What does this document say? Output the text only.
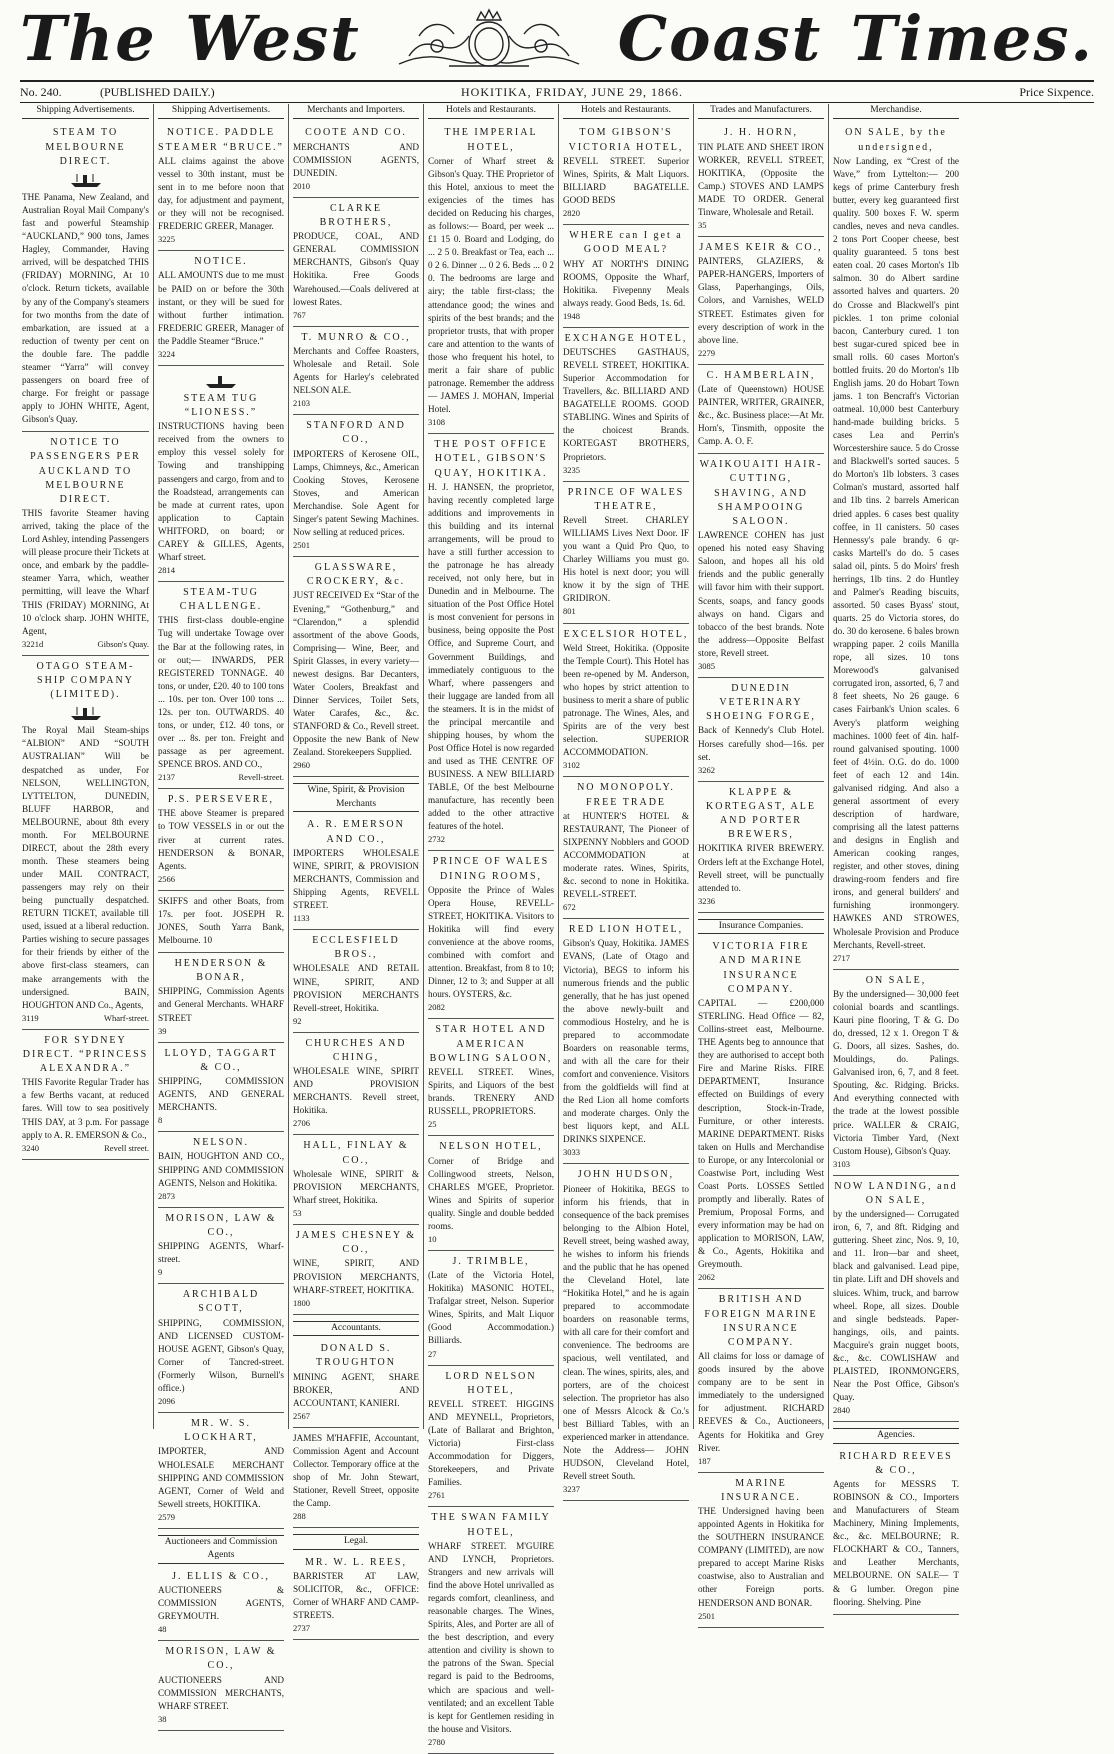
The West	Coast Times.
No. 240.	(PUBLISHED DAILY.)	HOKITIKA, FRIDAY, JUNE 29, 1866.	Price Sixpence.
Shipping Advertisements.
STEAM TO MELBOURNE DIRECT.
THE Panama, New Zealand, and Australian Royal Mail Company's fast and powerful Steamship “AUCKLAND,” 900 tons, James Hagley, Commander, Having arrived, will be despatched THIS (FRIDAY) MORNING, At 10 o'clock. Return tickets, available by any of the Company's steamers for two months from the date of embarkation, are issued at a reduction of twenty per cent on the double fare. The paddle steamer “Yarra” will convey passengers on board free of charge. For freight or passage apply to JOHN WHITE, Agent, Gibson's Quay.
NOTICE TO PASSENGERS PER AUCKLAND TO MELBOURNE DIRECT.
THIS favorite Steamer having arrived, taking the place of the Lord Ashley, intending Passengers will please procure their Tickets at once, and embark by the paddle-steamer Yarra, which, weather permitting, will leave the Wharf THIS (FRIDAY) MORNING, At 10 o'clock sharp. JOHN WHITE, Agent,
3221d	Gibson's Quay.
OTAGO STEAM-SHIP COMPANY (LIMITED).
The Royal Mail Steam-ships “ALBION” AND “SOUTH AUSTRALIAN” Will be despatched as under, For NELSON, WELLINGTON, LYTTELTON, DUNEDIN, BLUFF HARBOR, and MELBOURNE, about 8th every month. For MELBOURNE DIRECT, about the 28th every month. These steamers being under MAIL CONTRACT, passengers may rely on their being punctually despatched. RETURN TICKET, available till used, issued at a liberal reduction. Parties wishing to secure passages for their friends by either of the above first-class steamers, can make arrangements with the undersigned. BAIN, HOUGHTON AND Co., Agents,
3119	Wharf-street.
FOR SYDNEY DIRECT. “PRINCESS ALEXANDRA.”
THIS Favorite Regular Trader has a few Berths vacant, at reduced fares. Will tow to sea positively THIS DAY, at 3 p.m. For passage apply to A. R. EMERSON & Co.,
3240	Revell street.
Shipping Advertisements.
NOTICE. PADDLE STEAMER “BRUCE.”
ALL claims against the above vessel to 30th instant, must be sent in to me before noon that day, for adjustment and payment, or they will not be recognised. FREDERIC GREER, Manager.
3225
NOTICE.
ALL AMOUNTS due to me must be PAID on or before the 30th instant, or they will be sued for without further intimation. FREDERIC GREER, Manager of the Paddle Steamer “Bruce.”
3224
STEAM TUG “LIONESS.”
INSTRUCTIONS having been received from the owners to employ this vessel solely for Towing and transhipping passengers and cargo, from and to the Roadstead, arrangements can be made at current rates, upon application to Captain WHITFORD, on board; or CAREY & GILLES, Agents, Wharf street.
2814
STEAM-TUG CHALLENGE.
THIS first-class double-engine Tug will undertake Towage over the Bar at the following rates, in or out;— INWARDS, PER REGISTERED TONNAGE. 40 tons, or under, £20. 40 to 100 tons ... 10s. per ton. Over 100 tons ... 12s. per ton. OUTWARDS. 40 tons, or under, £12. 40 tons, or over ... 8s. per ton. Freight and passage as per agreement. SPENCE BROS. AND CO.,
2137	Revell-street.
P.S. PERSEVERE,
THE above Steamer is prepared to TOW VESSELS in or out the river at current rates. HENDERSON & BONAR, Agents.
2566
SKIFFS and other Boats, from 17s. per foot. JOSEPH R. JONES, South Yarra Bank, Melbourne. 10
HENDERSON & BONAR,
SHIPPING, Commission Agents and General Merchants. WHARF STREET
39
LLOYD, TAGGART & CO.,
SHIPPING, COMMISSION AGENTS, AND GENERAL MERCHANTS.
8
NELSON.
BAIN, HOUGHTON AND CO., SHIPPING AND COMMISSION AGENTS, Nelson and Hokitika.
2873
MORISON, LAW & CO.,
SHIPPING AGENTS, Wharf-street.
9
ARCHIBALD SCOTT,
SHIPPING, COMMISSION, AND LICENSED CUSTOM-HOUSE AGENT, Gibson's Quay, Corner of Tancred-street. (Formerly Wilson, Burnell's office.)
2096
MR. W. S. LOCKHART,
IMPORTER, AND WHOLESALE MERCHANT SHIPPING AND COMMISSION AGENT, Corner of Weld and Sewell streets, HOKITIKA.
2579
Auctioneers and Commission Agents
J. ELLIS & CO.,
AUCTIONEERS & COMMISSION AGENTS, GREYMOUTH.
48
MORISON, LAW & CO.,
AUCTIONEERS AND COMMISSION MERCHANTS, WHARF STREET.
38
Merchants and Importers.
COOTE AND CO.
MERCHANTS AND COMMISSION AGENTS, DUNEDIN.
2010
CLARKE BROTHERS,
PRODUCE, COAL, AND GENERAL COMMISSION MERCHANTS, Gibson's Quay Hokitika. Free Goods Warehoused.—Coals delivered at lowest Rates.
767
T. MUNRO & CO.,
Merchants and Coffee Roasters, Wholesale and Retail. Sole Agents for Harley's celebrated NELSON ALE.
2103
STANFORD AND CO.,
IMPORTERS of Kerosene OIL, Lamps, Chimneys, &c., American Cooking Stoves, Kerosene Stoves, and American Merchandise. Sole Agent for Singer's patent Sewing Machines. Now selling at reduced prices.
2501
GLASSWARE, CROCKERY, &c.
JUST RECEIVED Ex “Star of the Evening,” “Gothenburg,” and “Clarendon,” a splendid assortment of the above Goods, Comprising— Wine, Beer, and Spirit Glasses, in every variety—newest designs. Bar Decanters, Water Coolers, Breakfast and Dinner Services, Toilet Sets, Water Carafes, &c., &c. STANFORD & Co., Revell street. Opposite the new Bank of New Zealand. Storekeepers Supplied.
2960
Wine, Spirit, & Provision Merchants
A. R. EMERSON AND CO.,
IMPORTERS WHOLESALE WINE, SPIRIT, & PROVISION MERCHANTS, Commission and Shipping Agents, REVELL STREET.
1133
ECCLESFIELD BROS.,
WHOLESALE AND RETAIL WINE, SPIRIT, AND PROVISION MERCHANTS Revell-street, Hokitika.
92
CHURCHES AND CHING,
WHOLESALE WINE, SPIRIT AND PROVISION MERCHANTS. Revell street, Hokitika.
2706
HALL, FINLAY & CO.,
Wholesale WINE, SPIRIT & PROVISION MERCHANTS, Wharf street, Hokitika.
53
JAMES CHESNEY & CO.,
WINE, SPIRIT, AND PROVISION MERCHANTS, WHARF-STREET, HOKITIKA.
1800
Accountants.
DONALD S. TROUGHTON
MINING AGENT, SHARE BROKER, AND ACCOUNTANT, KANIERI.
2567
JAMES M'HAFFIE, Accountant, Commission Agent and Account Collector. Temporary office at the shop of Mr. John Stewart, Stationer, Revell Street, opposite the Camp.
288
Legal.
MR. W. L. REES,
BARRISTER AT LAW, SOLICITOR, &c., OFFICE: Corner of WHARF AND CAMP-STREETS.
2737
Hotels and Restaurants.
THE IMPERIAL HOTEL,
Corner of Wharf street & Gibson's Quay. THE Proprietor of this Hotel, anxious to meet the exigencies of the times has decided on Reducing his charges, as follows:— Board, per week ... £1 15 0. Board and Lodging, do ... 2 5 0. Breakfast or Tea, each ... 0 2 6. Dinner ... 0 2 6. Beds ... 0 2 0. The bedrooms are large and airy; the table first-class; the attendance good; the wines and spirits of the best brands; and the proprietor trusts, that with proper care and attention to the wants of those who frequent his hotel, to merit a fair share of public patronage. Remember the address— JAMES J. MOHAN, Imperial Hotel.
3108
THE POST OFFICE HOTEL, GIBSON'S QUAY, HOKITIKA.
H. J. HANSEN, the proprietor, having recently completed large additions and improvements in this building and its internal arrangements, will be proud to have a still further accession to the patronage he has already received, not only here, but in Dunedin and in Melbourne. The situation of the Post Office Hotel is most convenient for persons in business, being opposite the Post Office, and Supreme Court, and Government Buildings, and immediately contiguous to the Wharf, where passengers and their luggage are landed from all the steamers. It is in the midst of the principal mercantile and shipping houses, by whom the Post Office Hotel is now regarded and used as THE CENTRE OF BUSINESS. A NEW BILLIARD TABLE, Of the best Melbourne manufacture, has recently been added to the other attractive features of the hotel.
2732
PRINCE OF WALES DINING ROOMS,
Opposite the Prince of Wales Opera House, REVELL-STREET, HOKITIKA. Visitors to Hokitika will find every convenience at the above rooms, combined with comfort and attention. Breakfast, from 8 to 10; Dinner, 12 to 3; and Supper at all hours. OYSTERS, &c.
2082
STAR HOTEL AND AMERICAN BOWLING SALOON,
REVELL STREET. Wines, Spirits, and Liquors of the best brands. TRENERY AND RUSSELL, PROPRIETORS.
25
NELSON HOTEL,
Corner of Bridge and Collingwood streets, Nelson, CHARLES M'GEE, Proprietor. Wines and Spirits of superior quality. Single and double bedded rooms.
10
J. TRIMBLE,
(Late of the Victoria Hotel, Hokitika) MASONIC HOTEL, Trafalgar street, Nelson. Superior Wines, Spirits, and Malt Liquor (Good Accommodation.) Billiards.
27
LORD NELSON HOTEL,
REVELL STREET. HIGGINS AND MEYNELL, Proprietors, (Late of Ballarat and Brighton, Victoria) First-class Accommodation for Diggers, Storekeepers, and Private Families.
2761
THE SWAN FAMILY HOTEL,
WHARF STREET. M'GUIRE AND LYNCH, Proprietors. Strangers and new arrivals will find the above Hotel unrivalled as regards comfort, cleanliness, and reasonable charges. The Wines, Spirits, Ales, and Porter are all of the best description, and every attention and civility is shown to the patrons of the Swan. Special regard is paid to the Bedrooms, which are spacious and well-ventilated; and an excellent Table is kept for Gentlemen residing in the house and Visitors.
2780
Hotels and Restaurants.
TOM GIBSON'S VICTORIA HOTEL,
REVELL STREET. Superior Wines, Spirits, & Malt Liquors. BILLIARD BAGATELLE. GOOD BEDS
2820
WHERE can I get a GOOD MEAL?
WHY AT NORTH'S DINING ROOMS, Opposite the Wharf, Hokitika. Fivepenny Meals always ready. Good Beds, 1s. 6d.
1948
EXCHANGE HOTEL,
DEUTSCHES GASTHAUS, REVELL STREET, HOKITIKA. Superior Accommodation for Travellers, &c. BILLIARD AND BAGATELLE ROOMS. GOOD STABLING. Wines and Spirits of the choicest Brands. KORTEGAST BROTHERS, Proprietors.
3235
PRINCE OF WALES THEATRE,
Revell Street. CHARLEY WILLIAMS Lives Next Door. IF you want a Quid Pro Quo, to Charley Williams you must go. His hotel is next door; you will know it by the sign of THE GRIDIRON.
801
EXCELSIOR HOTEL,
Weld Street, Hokitika. (Opposite the Temple Court). This Hotel has been re-opened by M. Anderson, who hopes by strict attention to business to merit a share of public patronage. The Wines, Ales, and Spirits are of the very best selection. SUPERIOR ACCOMMODATION.
3102
NO MONOPOLY. FREE TRADE
at HUNTER'S HOTEL & RESTAURANT, The Pioneer of SIXPENNY Nobblers and GOOD ACCOMMODATION at moderate rates. Wines, Spirits, &c. second to none in Hokitika. REVELL-STREET.
672
RED LION HOTEL,
Gibson's Quay, Hokitika. JAMES EVANS, (Late of Otago and Victoria), BEGS to inform his numerous friends and the public generally, that he has just opened the above newly-built and commodious Hostelry, and he is prepared to accommodate Boarders on reasonable terms, and with all the care for their comfort and convenience. Visitors from the goldfields will find at the Red Lion all home comforts and moderate charges. Only the best liquors kept, and ALL DRINKS SIXPENCE.
3033
JOHN HUDSON,
Pioneer of Hokitika, BEGS to inform his friends, that in consequence of the back premises belonging to the Albion Hotel, Revell street, being washed away, he wishes to inform his friends and the public that he has opened the Cleveland Hotel, late “Hokitika Hotel,” and he is again prepared to accommodate boarders on reasonable terms, with all care for their comfort and convenience. The bedrooms are spacious, well ventilated, and clean. The wines, spirits, ales, and porters, are of the choicest selection. The proprietor has also one of Messrs Alcock & Co.'s best Billiard Tables, with an experienced marker in attendance. Note the Address— JOHN HUDSON, Cleveland Hotel, Revell street South.
3237
Trades and Manufacturers.
J. H. HORN,
TIN PLATE AND SHEET IRON WORKER, REVELL STREET, HOKITIKA, (Opposite the Camp.) STOVES AND LAMPS MADE TO ORDER. General Tinware, Wholesale and Retail.
35
JAMES KEIR & CO.,
PAINTERS, GLAZIERS, & PAPER-HANGERS, Importers of Glass, Paperhangings, Oils, Colors, and Varnishes, WELD STREET. Estimates given for every description of work in the above line.
2279
C. HAMBERLAIN,
(Late of Queenstown) HOUSE PAINTER, WRITER, GRAINER, &c., &c. Business place:—At Mr. Horn's, Tinsmith, opposite the Camp. A. O. F.
WAIKOUAITI HAIR-CUTTING, SHAVING, AND SHAMPOOING SALOON.
LAWRENCE COHEN has just opened his noted easy Shaving Saloon, and hopes all his old friends and the public generally will favor him with their support. Scents, soaps, and fancy goods always on hand. Cigars and tobacco of the best brands. Note the address—Opposite Belfast store, Revell street.
3085
DUNEDIN VETERINARY SHOEING FORGE,
Back of Kennedy's Club Hotel. Horses carefully shod—16s. per set.
3262
KLAPPE & KORTEGAST, ALE AND PORTER BREWERS,
HOKITIKA RIVER BREWERY. Orders left at the Exchange Hotel, Revell street, will be punctually attended to.
3236
Insurance Companies.
VICTORIA FIRE AND MARINE INSURANCE COMPANY.
CAPITAL — £200,000 STERLING. Head Office — 82, Collins-street east, Melbourne. THE Agents beg to announce that they are authorised to accept both Fire and Marine Risks. FIRE DEPARTMENT, Insurance effected on Buildings of every description, Stock-in-Trade, Furniture, or other interests. MARINE DEPARTMENT. Risks taken on Hulls and Merchandise to Europe, or any Intercolonial or Coastwise Port, including West Coast Ports. LOSSES Settled promptly and liberally. Rates of Premium, Proposal Forms, and every information may be had on application to MORISON, LAW, & Co., Agents, Hokitika and Greymouth.
2062
BRITISH AND FOREIGN MARINE INSURANCE COMPANY.
All claims for loss or damage of goods insured by the above company are to be sent in immediately to the undersigned for adjustment. RICHARD REEVES & Co., Auctioneers, Agents for Hokitika and Grey River.
187
MARINE INSURANCE.
THE Undersigned having been appointed Agents in Hokitika for the SOUTHERN INSURANCE COMPANY (LIMITED), are now prepared to accept Marine Risks coastwise, also to Australian and other Foreign ports. HENDERSON AND BONAR.
2501
Merchandise.
ON SALE, by the undersigned,
Now Landing, ex “Crest of the Wave,” from Lyttelton:— 200 kegs of prime Canterbury fresh butter, every keg guaranteed first quality. 500 boxes F. W. sperm candles, neves and neva candles. 2 tons Port Cooper cheese, best quality guaranteed. 5 tons best eaten coal. 20 cases Morton's 1lb salmon. 30 do Albert sardine assorted halves and quarters. 20 do Crosse and Blackwell's pint pickles. 1 ton prime colonial bacon, Canterbury cured. 1 ton best sugar-cured spiced bee in small rolls. 60 cases Morton's bottled fruits. 20 do Morton's 1lb English jams. 20 do Hobart Town jams. 1 ton Bencraft's Victorian oatmeal. 10,000 best Canterbury hand-made building bricks. 5 cases Lea and Perrin's Worcestershire sauce. 5 do Crosse and Blackwell's sorted sauces. 5 do Morton's 1lb lobsters. 3 cases Colman's mustard, assorted half and 1lb tins. 2 barrels American dried apples. 6 cases best quality coffee, in 1l canisters. 50 cases Hennessy's pale brandy. 6 qr-casks Martell's do do. 5 cases salad oil, pints. 5 do Moirs' fresh herrings, 1lb tins. 2 do Huntley and Palmer's Reading biscuits, assorted. 50 cases Byass' stout, quarts. 25 do Victoria stores, do do. 30 do kerosene. 6 bales brown wrapping paper. 2 coils Manilla rope, all sizes. 10 tons Morewood's galvanised corrugated iron, assorted, 6, 7 and 8 feet sheets, No 26 gauge. 6 cases Fairbank's Union scales. 6 Avery's platform weighing machines. 1000 feet of 4in. half-round galvanised spouting. 1000 feet of 4½in. O.G. do do. 1000 feet of each 12 and 14in. galvanised ridging. And also a general assortment of every description of hardware, comprising all the latest patterns and designs in English and American cooking ranges, register, and other stoves, dining drawing-room fenders and fire irons, and general builders' and furnishing ironmongery. HAWKES AND STROWES, Wholesale Provision and Produce Merchants, Revell-street.
2717
ON SALE,
By the undersigned— 30,000 feet colonial boards and scantlings. Kauri pine flooring, T & G. Do do, dressed, 12 x 1. Oregon T & G. Doors, all sizes. Sashes, do. Mouldings, do. Palings. Galvanised iron, 6, 7, and 8 feet. Spouting, &c. Ridging. Bricks. And everything connected with the trade at the lowest possible price. WALLER & CRAIG, Victoria Timber Yard, (Next Custom House), Gibson's Quay.
3103
NOW LANDING, and ON SALE,
by the undersigned— Corrugated iron, 6, 7, and 8ft. Ridging and guttering. Sheet zinc, Nos. 9, 10, and 11. Iron—bar and sheet, black and galvanised. Lead pipe, tin plate. Lift and DH shovels and sluices. Whim, truck, and barrow wheel. Rope, all sizes. Double and single bedsteads. Paper-hangings, oils, and paints. Macguire's grain nugget boots, &c., &c. COWLISHAW and PLAISTED, IRONMONGERS, Near the Post Office, Gibson's Quay.
2840
Agencies.
RICHARD REEVES & CO.,
Agents for MESSRS T. ROBINSON & CO., Importers and Manufacturers of Steam Machinery, Mining Implements, &c., &c. MELBOURNE; R. FLOCKHART & CO., Tanners, and Leather Merchants, MELBOURNE. ON SALE— T & G lumber. Oregon pine flooring. Shelving. Pine
